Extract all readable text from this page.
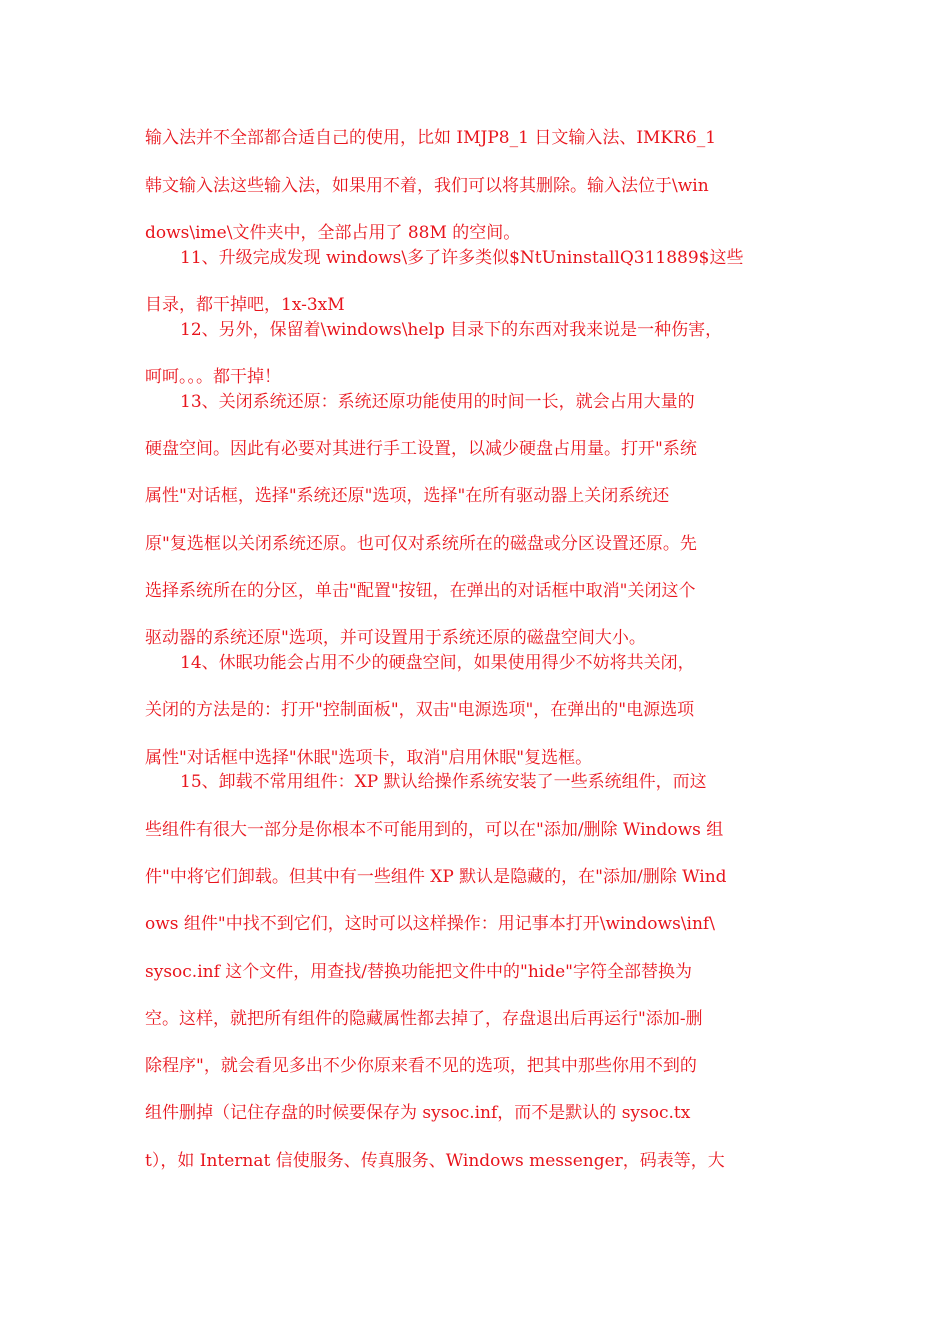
输入法并不全部都合适自己的使用，比如 IMJP8_1 日文输入法、IMKR6_1
韩文输入法这些输入法，如果用不着，我们可以将其删除。输入法位于\win
dows\ime\文件夹中，全部占用了 88M 的空间。
11、升级完成发现 windows\多了许多类似$NtUninstallQ311889$这些
目录，都干掉吧，1x-3xM
12、另外，保留着\windows\help 目录下的东西对我来说是一种伤害，
呵呵。。。都干掉！
13、关闭系统还原：系统还原功能使用的时间一长，就会占用大量的
硬盘空间。因此有必要对其进行手工设置，以减少硬盘占用量。打开"系统
属性"对话框，选择"系统还原"选项，选择"在所有驱动器上关闭系统还
原"复选框以关闭系统还原。也可仅对系统所在的磁盘或分区设置还原。先
选择系统所在的分区，单击"配置"按钮，在弹出的对话框中取消"关闭这个
驱动器的系统还原"选项，并可设置用于系统还原的磁盘空间大小。
14、休眠功能会占用不少的硬盘空间，如果使用得少不妨将共关闭，
关闭的方法是的：打开"控制面板"，双击"电源选项"，在弹出的"电源选项
属性"对话框中选择"休眠"选项卡，取消"启用休眠"复选框。
15、卸载不常用组件：XP 默认给操作系统安装了一些系统组件，而这
些组件有很大一部分是你根本不可能用到的，可以在"添加/删除 Windows 组
件"中将它们卸载。但其中有一些组件 XP 默认是隐藏的，在"添加/删除 Wind
ows 组件"中找不到它们，这时可以这样操作：用记事本打开\windows\inf\
sysoc.inf 这个文件，用查找/替换功能把文件中的"hide"字符全部替换为
空。这样，就把所有组件的隐藏属性都去掉了，存盘退出后再运行"添加-删
除程序"，就会看见多出不少你原来看不见的选项，把其中那些你用不到的
组件删掉（记住存盘的时候要保存为 sysoc.inf，而不是默认的 sysoc.tx
t），如 Internat 信使服务、传真服务、Windows messenger，码表等，大
